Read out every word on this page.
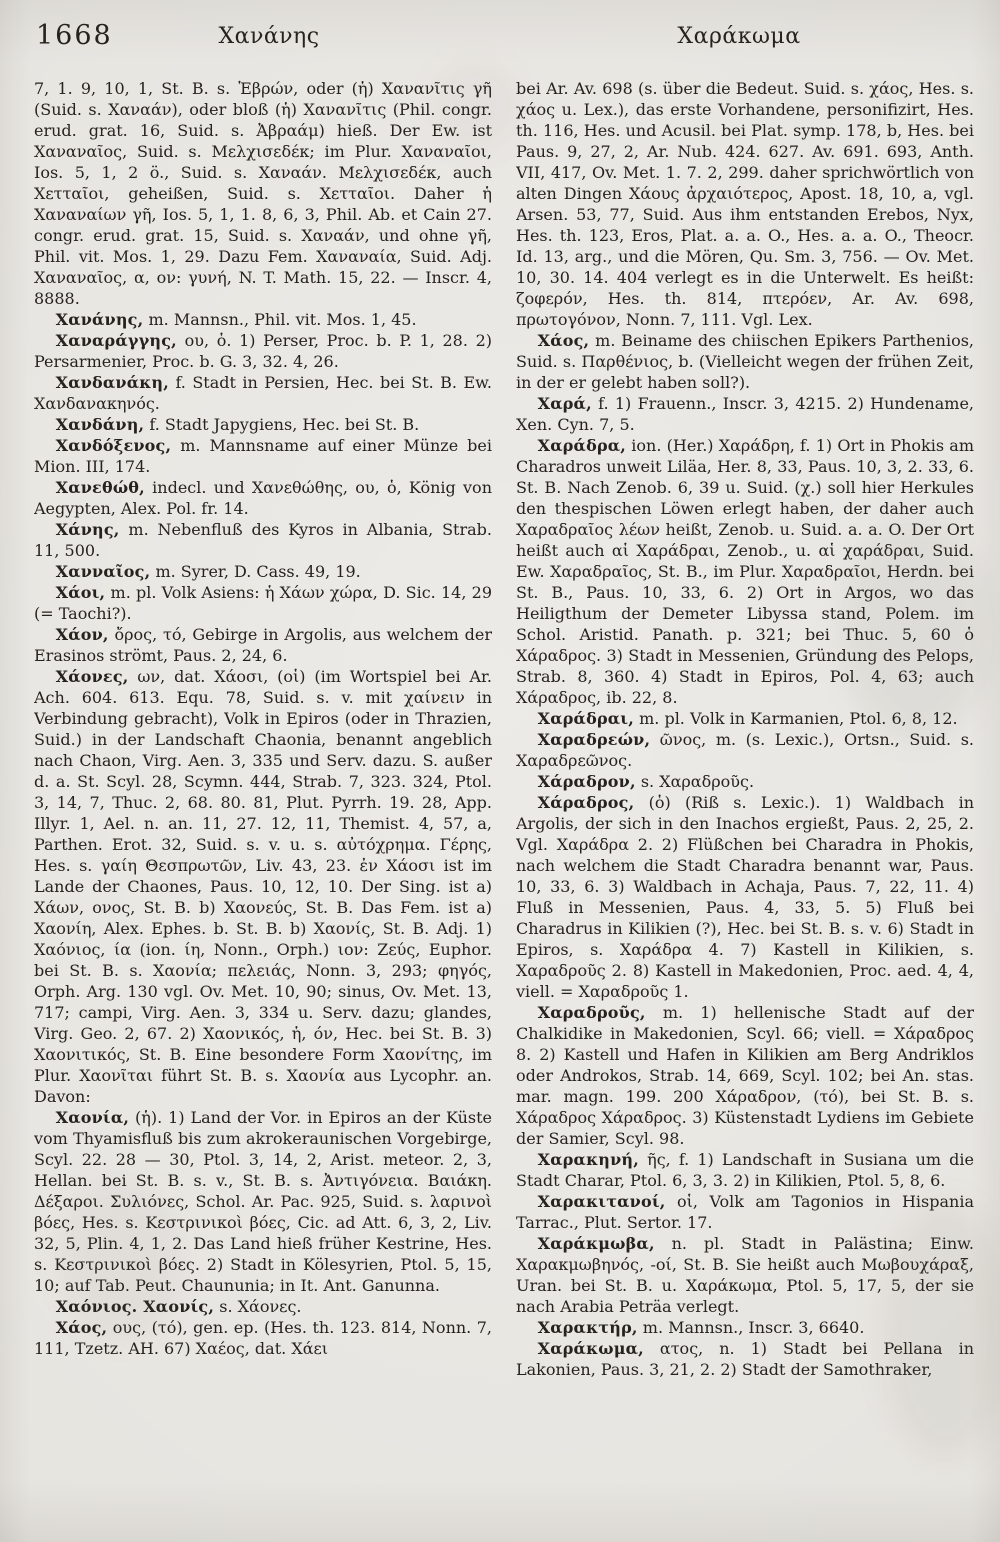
1668	Χανάνης	Χαράκωμα

7, 1. 9, 10, 1, St. B. s. Ἑβρών, oder (ἡ) Χανανῖτις γῆ (Suid. s. Χαναάν), oder bloß (ἡ) Χανανῖτις (Phil. congr. erud. grat. 16, Suid. s. Ἀβραάμ) hieß. Der Ew. ist Χαναναῖος, Suid. s. Μελχισεδέκ; im Plur. Χαναναῖοι, Ios. 5, 1, 2 ö., Suid. s. Χαναάν. Μελχισεδέκ, auch Χετταῖοι, geheißen, Suid. s. Χετταῖοι. Daher ἡ Χαναναίων γῆ, Ios. 5, 1, 1. 8, 6, 3, Phil. Ab. et Cain 27. congr. erud. grat. 15, Suid. s. Χαναάν, und ohne γῆ, Phil. vit. Mos. 1, 29. Dazu Fem. Χαναναία, Suid. Adj. Χαναναῖος, α, ον: γυνή, N. T. Math. 15, 22. — Inscr. 4, 8888.

Χανάνης, m. Mannsn., Phil. vit. Mos. 1, 45.

Χαναράγγης, ου, ὁ. 1) Perser, Proc. b. P. 1, 28. 2) Persarmenier, Proc. b. G. 3, 32. 4, 26.

Χανδανάκη, f. Stadt in Persien, Hec. bei St. B. Ew. Χανδανακηνός.

Χανδάνη, f. Stadt Japygiens, Hec. bei St. B.

Χανδόξενος, m. Mannsname auf einer Münze bei Mion. III, 174.

Χανεθώθ, indecl. und Χανεθώθης, ου, ὁ, König von Aegypten, Alex. Pol. fr. 14.

Χάνης, m. Nebenfluß des Kyros in Albania, Strab. 11, 500.

Χανναῖος, m. Syrer, D. Cass. 49, 19.

Χάοι, m. pl. Volk Asiens: ἡ Χάων χώρα, D. Sic. 14, 29 (= Taochi?).

Χάον, ὄρος, τό, Gebirge in Argolis, aus welchem der Erasinos strömt, Paus. 2, 24, 6.

Χάονες, ων, dat. Χάοσι, (οἱ) (im Wortspiel bei Ar. Ach. 604. 613. Equ. 78, Suid. s. v. mit χαίνειν in Verbindung gebracht), Volk in Epiros (oder in Thrazien, Suid.) in der Landschaft Chaonia, benannt angeblich nach Chaon, Virg. Aen. 3, 335 und Serv. dazu. S. außer d. a. St. Scyl. 28, Scymn. 444, Strab. 7, 323. 324, Ptol. 3, 14, 7, Thuc. 2, 68. 80. 81, Plut. Pyrrh. 19. 28, App. Illyr. 1, Ael. n. an. 11, 27. 12, 11, Themist. 4, 57, a, Parthen. Erot. 32, Suid. s. v. u. s. αὐτόχρημα. Γέρης, Hes. s. γαίη Θεσπρωτῶν, Liv. 43, 23. ἐν Χάοσι ist im Lande der Chaones, Paus. 10, 12, 10. Der Sing. ist a) Χάων, ονος, St. B. b) Χαονεύς, St. B. Das Fem. ist a) Χαονίη, Alex. Ephes. b. St. B. b) Χαονίς, St. B. Adj. 1) Χαόνιος, ία (ion. ίη, Nonn., Orph.) ιον: Ζεύς, Euphor. bei St. B. s. Χαονία; πελειάς, Nonn. 3, 293; φηγός, Orph. Arg. 130 vgl. Ov. Met. 10, 90; sinus, Ov. Met. 13, 717; campi, Virg. Aen. 3, 334 u. Serv. dazu; glandes, Virg. Geo. 2, 67. 2) Χαονικός, ἡ, όν, Hec. bei St. B. 3) Χαονιτικός, St. B. Eine besondere Form Χαονίτης, im Plur. Χαονῖται führt St. B. s. Χαονία aus Lycophr. an. Davon:

Χαονία, (ἡ). 1) Land der Vor. in Epiros an der Küste vom Thyamisfluß bis zum akrokeraunischen Vorgebirge, Scyl. 22. 28 — 30, Ptol. 3, 14, 2, Arist. meteor. 2, 3, Hellan. bei St. B. s. v., St. B. s. Ἀντιγόνεια. Βαιάκη. Δέξαροι. Συλιόνες, Schol. Ar. Pac. 925, Suid. s. λαρινοὶ βόες, Hes. s. Κεστρινικοὶ βόες, Cic. ad Att. 6, 3, 2, Liv. 32, 5, Plin. 4, 1, 2. Das Land hieß früher Kestrine, Hes. s. Κεστρινικοὶ βόες. 2) Stadt in Kölesyrien, Ptol. 5, 15, 10; auf Tab. Peut. Chaununia; in It. Ant. Ganunna.

Χαόνιος. Χαονίς, s. Χάονες.

Χάος, ους, (τό), gen. ep. (Hes. th. 123. 814, Nonn. 7, 111, Tzetz. AH. 67) Χαέος, dat. Χάει

bei Ar. Av. 698 (s. über die Bedeut. Suid. s. χάος, Hes. s. χάος u. Lex.), das erste Vorhandene, personifizirt, Hes. th. 116, Hes. und Acusil. bei Plat. symp. 178, b, Hes. bei Paus. 9, 27, 2, Ar. Nub. 424. 627. Av. 691. 693, Anth. VII, 417, Ov. Met. 1. 7. 2, 299. daher sprichwörtlich von alten Dingen Χάους ἀρχαιότερος, Apost. 18, 10, a, vgl. Arsen. 53, 77, Suid. Aus ihm entstanden Erebos, Nyx, Hes. th. 123, Eros, Plat. a. a. O., Hes. a. a. O., Theocr. Id. 13, arg., und die Mören, Qu. Sm. 3, 756. — Ov. Met. 10, 30. 14. 404 verlegt es in die Unterwelt. Es heißt: ζοφερόν, Hes. th. 814, πτερόεν, Ar. Av. 698, πρωτογόνον, Nonn. 7, 111. Vgl. Lex.

Χάος, m. Beiname des chiischen Epikers Parthenios, Suid. s. Παρθένιος, b. (Vielleicht wegen der frühen Zeit, in der er gelebt haben soll?).

Χαρά, f. 1) Frauenn., Inscr. 3, 4215. 2) Hundename, Xen. Cyn. 7, 5.

Χαράδρα, ion. (Her.) Χαράδρη, f. 1) Ort in Phokis am Charadros unweit Liläa, Her. 8, 33, Paus. 10, 3, 2. 33, 6. St. B. Nach Zenob. 6, 39 u. Suid. (χ.) soll hier Herkules den thespischen Löwen erlegt haben, der daher auch Χαραδραῖος λέων heißt, Zenob. u. Suid. a. a. O. Der Ort heißt auch αἱ Χαράδραι, Zenob., u. αἱ χαράδραι, Suid. Ew. Χαραδραῖος, St. B., im Plur. Χαραδραῖοι, Herdn. bei St. B., Paus. 10, 33, 6. 2) Ort in Argos, wo das Heiligthum der Demeter Libyssa stand, Polem. im Schol. Aristid. Panath. p. 321; bei Thuc. 5, 60 ὁ Χάραδρος. 3) Stadt in Messenien, Gründung des Pelops, Strab. 8, 360. 4) Stadt in Epiros, Pol. 4, 63; auch Χάραδρος, ib. 22, 8.

Χαράδραι, m. pl. Volk in Karmanien, Ptol. 6, 8, 12.

Χαραδρεών, ῶνος, m. (s. Lexic.), Ortsn., Suid. s. Χαραδρεῶνος.

Χάραδρον, s. Χαραδροῦς.

Χάραδρος, (ὁ) (Riß s. Lexic.). 1) Waldbach in Argolis, der sich in den Inachos ergießt, Paus. 2, 25, 2. Vgl. Χαράδρα 2. 2) Flüßchen bei Charadra in Phokis, nach welchem die Stadt Charadra benannt war, Paus. 10, 33, 6. 3) Waldbach in Achaja, Paus. 7, 22, 11. 4) Fluß in Messenien, Paus. 4, 33, 5. 5) Fluß bei Charadrus in Kilikien (?), Hec. bei St. B. s. v. 6) Stadt in Epiros, s. Χαράδρα 4. 7) Kastell in Kilikien, s. Χαραδροῦς 2. 8) Kastell in Makedonien, Proc. aed. 4, 4, viell. = Χαραδροῦς 1.

Χαραδροῦς, m. 1) hellenische Stadt auf der Chalkidike in Makedonien, Scyl. 66; viell. = Χάραδρος 8. 2) Kastell und Hafen in Kilikien am Berg Andriklos oder Androkos, Strab. 14, 669, Scyl. 102; bei An. stas. mar. magn. 199. 200 Χάραδρον, (τό), bei St. B. s. Χάραδρος Χάραδρος. 3) Küstenstadt Lydiens im Gebiete der Samier, Scyl. 98.

Χαρακηνή, ῆς, f. 1) Landschaft in Susiana um die Stadt Charar, Ptol. 6, 3, 3. 2) in Kilikien, Ptol. 5, 8, 6.

Χαρακιτανοί, οἱ, Volk am Tagonios in Hispania Tarrac., Plut. Sertor. 17.

Χαράκμωβα, n. pl. Stadt in Palästina; Einw. Χαρακμωβηνός, -οί, St. B. Sie heißt auch Μωβουχάραξ, Uran. bei St. B. u. Χαράκωμα, Ptol. 5, 17, 5, der sie nach Arabia Peträa verlegt.

Χαρακτήρ, m. Mannsn., Inscr. 3, 6640.

Χαράκωμα, ατος, n. 1) Stadt bei Pellana in Lakonien, Paus. 3, 21, 2. 2) Stadt der Samothraker,
